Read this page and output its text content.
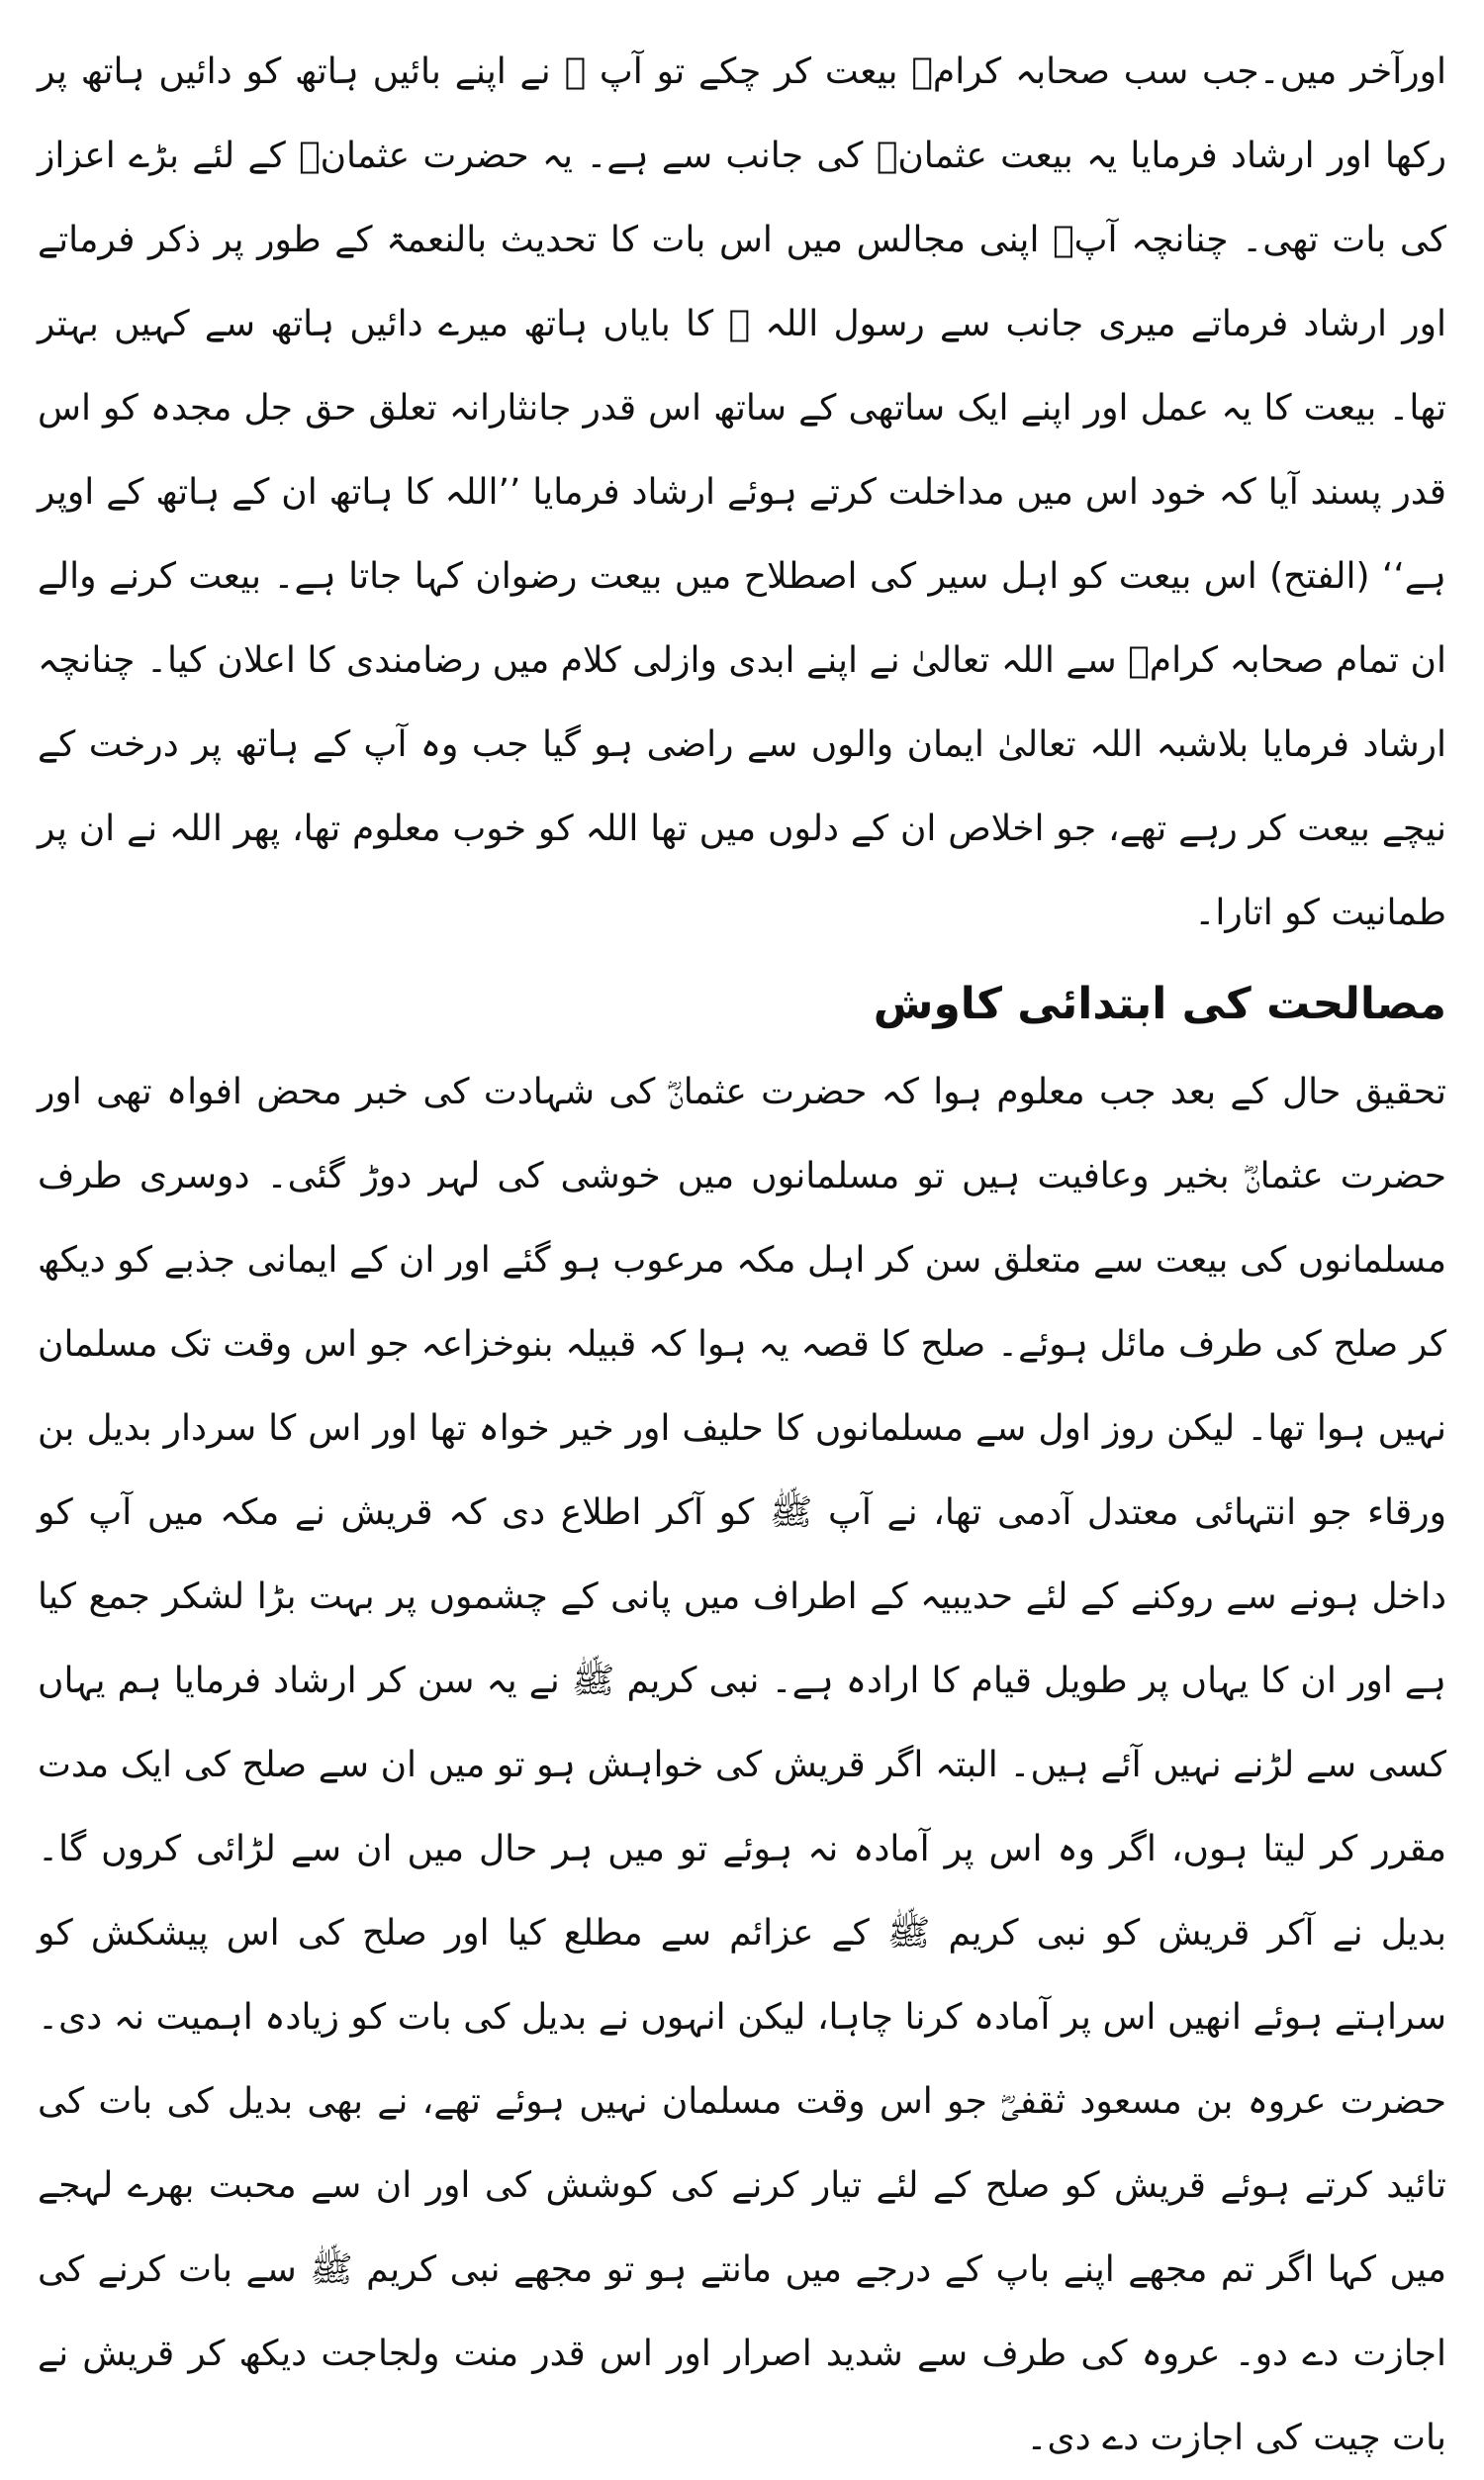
اورآخر میں۔جب سب صحابہ کرامؓ بیعت کر چکے تو آپ ﷺ نے اپنے بائیں ہاتھ کو دائیں ہاتھ پر رکھا اور ارشاد فرمایا یہ بیعت عثمانؓ کی جانب سے ہے۔ یہ حضرت عثمانؓ کے لئے بڑے اعزاز کی بات تھی۔ چنانچہ آپؓ اپنی مجالس میں اس بات کا تحدیث بالنعمۃ کے طور پر ذکر فرماتے اور ارشاد فرماتے میری جانب سے رسول اللہ ﷺ کا بایاں ہاتھ میرے دائیں ہاتھ سے کہیں بہتر تھا۔ بیعت کا یہ عمل اور اپنے ایک ساتھی کے ساتھ اس قدر جانثارانہ تعلق حق جل مجدہ کو اس قدر پسند آیا کہ خود اس میں مداخلت کرتے ہوئے ارشاد فرمایا ’’اللہ کا ہاتھ ان کے ہاتھ کے اوپر ہے‘‘ (الفتح) اس بیعت کو اہل سیر کی اصطلاح میں بیعت رضوان کہا جاتا ہے۔ بیعت کرنے والے ان تمام صحابہ کرامؓ سے اللہ تعالیٰ نے اپنے ابدی وازلی کلام میں رضامندی کا اعلان کیا۔ چنانچہ ارشاد فرمایا بلاشبہ اللہ تعالیٰ ایمان والوں سے راضی ہو گیا جب وہ آپ کے ہاتھ پر درخت کے نیچے بیعت کر رہے تھے، جو اخلاص ان کے دلوں میں تھا اللہ کو خوب معلوم تھا، پھر اللہ نے ان پر طمانیت کو اتارا۔

مصالحت کی ابتدائی کاوش

تحقیق حال کے بعد جب معلوم ہوا کہ حضرت عثمانؓ کی شہادت کی خبر محض افواہ تھی اور حضرت عثمانؓ بخیر وعافیت ہیں تو مسلمانوں میں خوشی کی لہر دوڑ گئی۔ دوسری طرف مسلمانوں کی بیعت سے متعلق سن کر اہل مکہ مرعوب ہو گئے اور ان کے ایمانی جذبے کو دیکھ کر صلح کی طرف مائل ہوئے۔ صلح کا قصہ یہ ہوا کہ قبیلہ بنوخزاعہ جو اس وقت تک مسلمان نہیں ہوا تھا۔ لیکن روز اول سے مسلمانوں کا حلیف اور خیر خواہ تھا اور اس کا سردار بدیل بن ورقاء جو انتہائی معتدل آدمی تھا، نے آپ ﷺ کو آکر اطلاع دی کہ قریش نے مکہ میں آپ کو داخل ہونے سے روکنے کے لئے حدیبیہ کے اطراف میں پانی کے چشموں پر بہت بڑا لشکر جمع کیا ہے اور ان کا یہاں پر طویل قیام کا ارادہ ہے۔ نبی کریم ﷺ نے یہ سن کر ارشاد فرمایا ہم یہاں کسی سے لڑنے نہیں آئے ہیں۔ البتہ اگر قریش کی خواہش ہو تو میں ان سے صلح کی ایک مدت مقرر کر لیتا ہوں، اگر وہ اس پر آمادہ نہ ہوئے تو میں ہر حال میں ان سے لڑائی کروں گا۔ بدیل نے آکر قریش کو نبی کریم ﷺ کے عزائم سے مطلع کیا اور صلح کی اس پیشکش کو سراہتے ہوئے انھیں اس پر آمادہ کرنا چاہا، لیکن انہوں نے بدیل کی بات کو زیادہ اہمیت نہ دی۔ حضرت عروہ بن مسعود ثقفیؓ جو اس وقت مسلمان نہیں ہوئے تھے، نے بھی بدیل کی بات کی تائید کرتے ہوئے قریش کو صلح کے لئے تیار کرنے کی کوشش کی اور ان سے محبت بھرے لہجے میں کہا اگر تم مجھے اپنے باپ کے درجے میں مانتے ہو تو مجھے نبی کریم ﷺ سے بات کرنے کی اجازت دے دو۔ عروہ کی طرف سے شدید اصرار اور اس قدر منت ولجاجت دیکھ کر قریش نے بات چیت کی اجازت دے دی۔
